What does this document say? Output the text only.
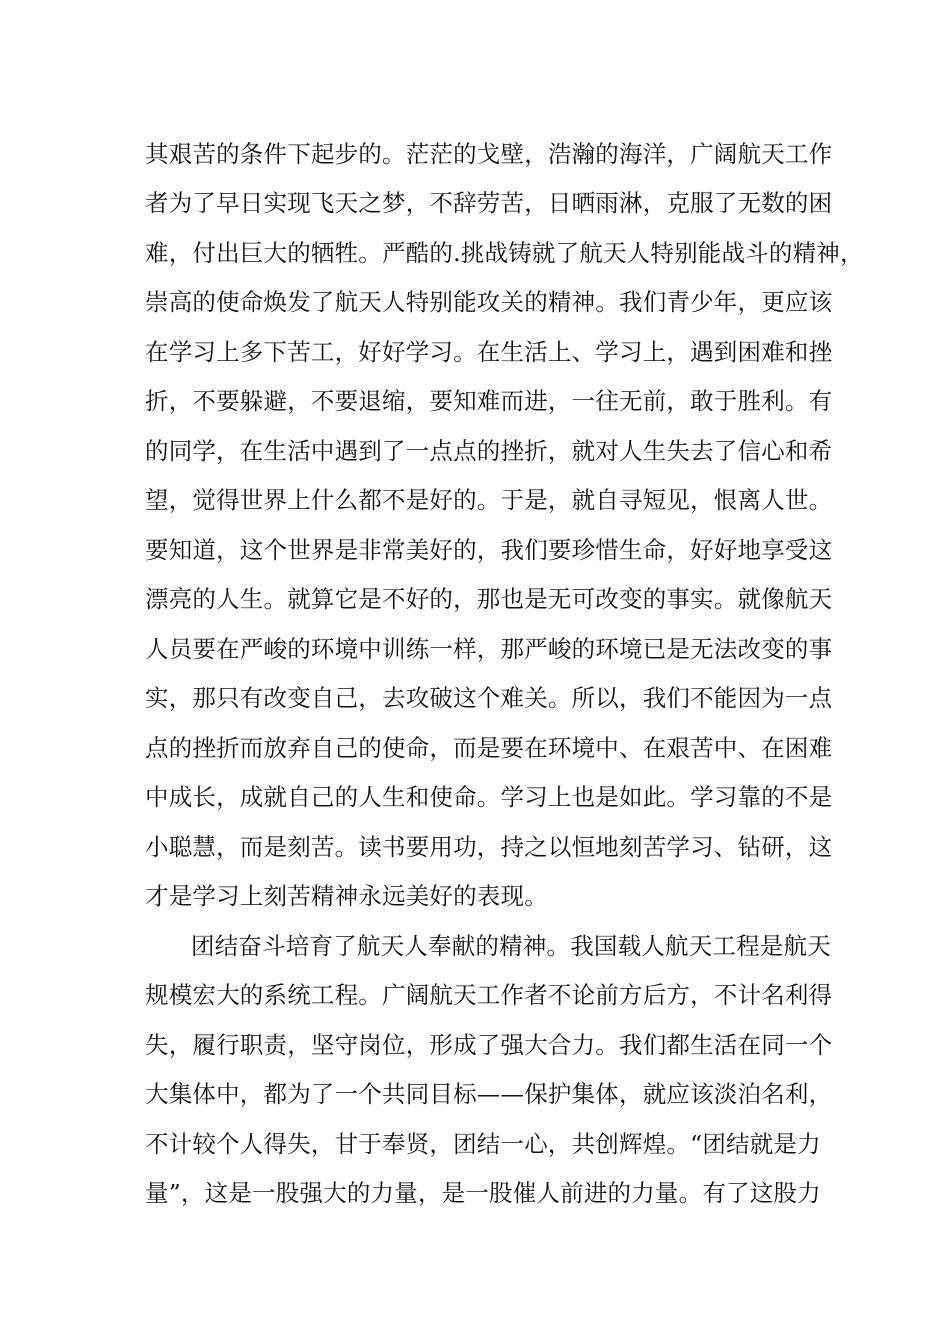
其艰苦的条件下起步的。茫茫的戈壁，浩瀚的海洋，广阔航天工作
者为了早日实现飞天之梦，不辞劳苦，日晒雨淋，克服了无数的困
难，付出巨大的牺牲。严酷的.挑战铸就了航天人特别能战斗的精神，
崇高的使命焕发了航天人特别能攻关的精神。我们青少年，更应该
在学习上多下苦工，好好学习。在生活上、学习上，遇到困难和挫
折，不要躲避，不要退缩，要知难而进，一往无前，敢于胜利。有
的同学，在生活中遇到了一点点的挫折，就对人生失去了信心和希
望，觉得世界上什么都不是好的。于是，就自寻短见，恨离人世。
要知道，这个世界是非常美好的，我们要珍惜生命，好好地享受这
漂亮的人生。就算它是不好的，那也是无可改变的事实。就像航天
人员要在严峻的环境中训练一样，那严峻的环境已是无法改变的事
实，那只有改变自己，去攻破这个难关。所以，我们不能因为一点
点的挫折而放弃自己的使命，而是要在环境中、在艰苦中、在困难
中成长，成就自己的人生和使命。学习上也是如此。学习靠的不是
小聪慧，而是刻苦。读书要用功，持之以恒地刻苦学习、钻研，这
才是学习上刻苦精神永远美好的表现。
团结奋斗培育了航天人奉献的精神。我国载人航天工程是航天
规模宏大的系统工程。广阔航天工作者不论前方后方，不计名利得
失，履行职责，坚守岗位，形成了强大合力。我们都生活在同一个
大集体中，都为了一个共同目标——保护集体，就应该淡泊名利，
不计较个人得失，甘于奉贤，团结一心，共创辉煌。“团结就是力
量”，这是一股强大的力量，是一股催人前进的力量。有了这股力
